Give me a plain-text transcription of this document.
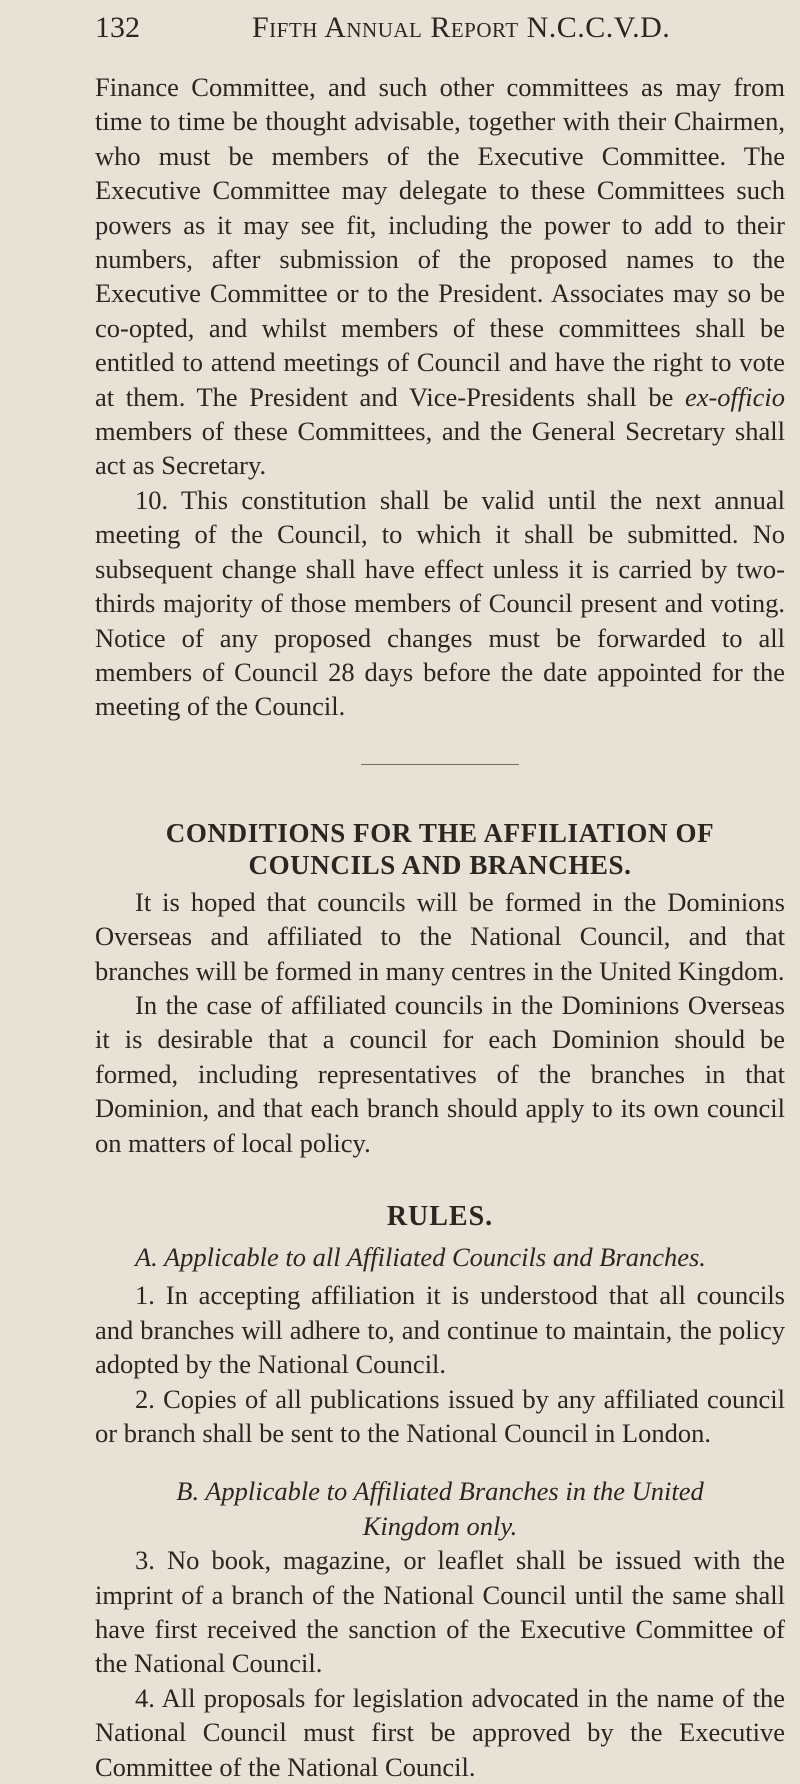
132	Fifth Annual Report N.C.C.V.D.

Finance Committee, and such other committees as may from time to time be thought advisable, together with their Chairmen, who must be members of the Executive Committee. The Executive Committee may delegate to these Committees such powers as it may see fit, including the power to add to their numbers, after submission of the proposed names to the Executive Committee or to the President. Associates may so be co-opted, and whilst members of these committees shall be entitled to attend meetings of Council and have the right to vote at them. The President and Vice-Presidents shall be ex-officio members of these Committees, and the General Secretary shall act as Secretary.

10. This constitution shall be valid until the next annual meeting of the Council, to which it shall be submitted. No subsequent change shall have effect unless it is carried by two-thirds majority of those members of Council present and voting. Notice of any proposed changes must be forwarded to all members of Council 28 days before the date appointed for the meeting of the Council.

CONDITIONS FOR THE AFFILIATION OF

COUNCILS AND BRANCHES.

It is hoped that councils will be formed in the Dominions Overseas and affiliated to the National Council, and that branches will be formed in many centres in the United Kingdom.

In the case of affiliated councils in the Dominions Overseas it is desirable that a council for each Dominion should be formed, including representatives of the branches in that Dominion, and that each branch should apply to its own council on matters of local policy.

RULES.

A. Applicable to all Affiliated Councils and Branches.

1. In accepting affiliation it is understood that all councils and branches will adhere to, and continue to maintain, the policy adopted by the National Council.

2. Copies of all publications issued by any affiliated council or branch shall be sent to the National Council in London.

B. Applicable to Affiliated Branches in the United

Kingdom only.

3. No book, magazine, or leaflet shall be issued with the imprint of a branch of the National Council until the same shall have first received the sanction of the Executive Committee of the National Council.

4. All proposals for legislation advocated in the name of the National Council must first be approved by the Executive Committee of the National Council.
